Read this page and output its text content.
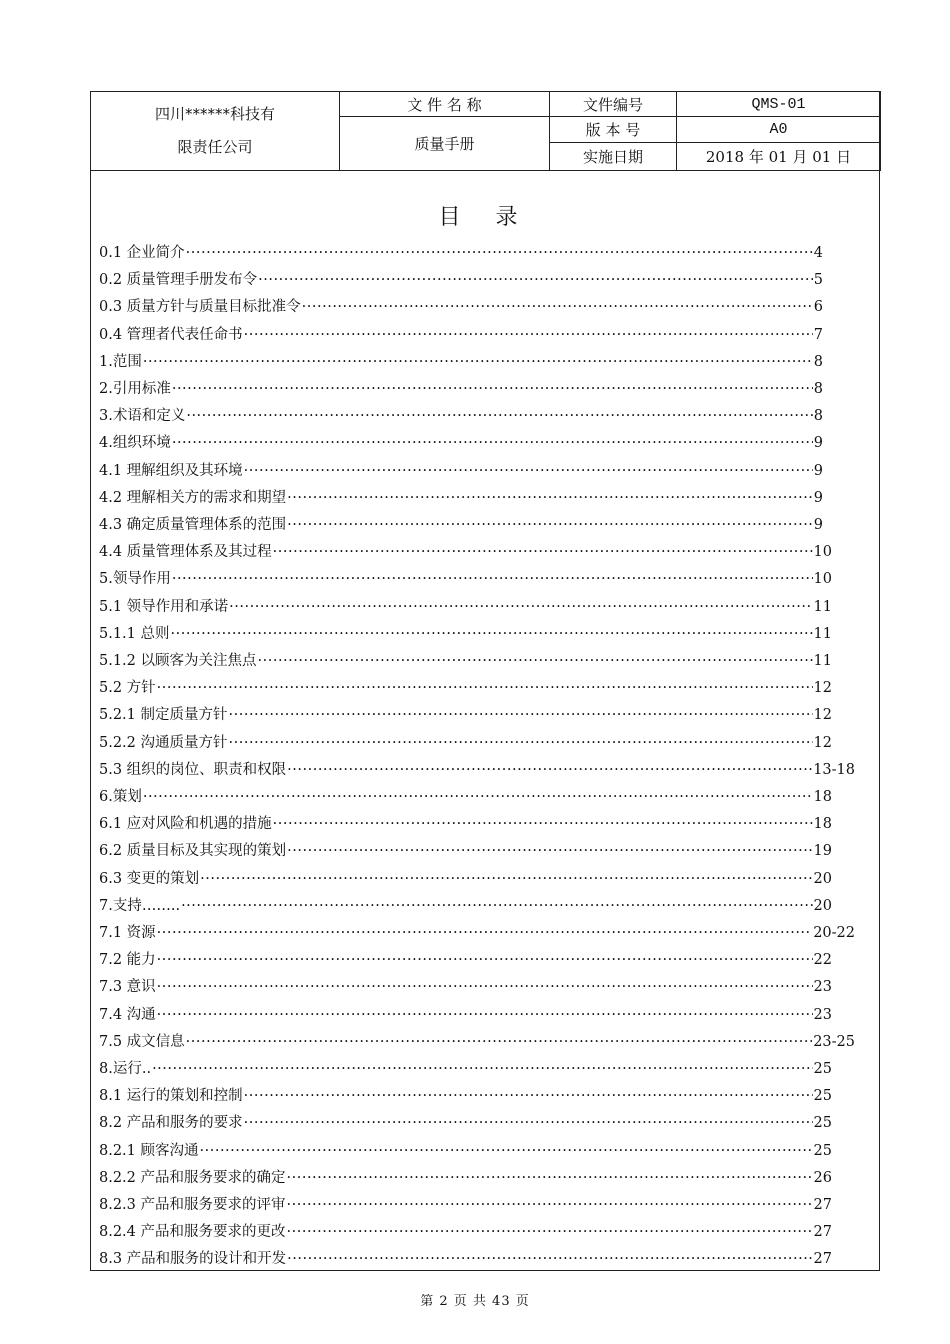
四川******科技有
限责任公司	文 件 名 称	文件编号	QMS-01
	质量手册	版 本 号	A0
		实施日期	2018 年 01 月 01 日
目 录
0.1 企业简介 ·····	4
0.2 质量管理手册发布令 ·····	5
0.3 质量方针与质量目标批准令 ·····	6
0.4 管理者代表任命书 ·····	7
1.范围 ·····	8
2.引用标准 ·····	8
3.术语和定义 ·····	8
4.组织环境 ·····	9
4.1 理解组织及其环境 ·····	9
4.2 理解相关方的需求和期望 ·····	9
4.3 确定质量管理体系的范围 ·····	9
4.4 质量管理体系及其过程 ·····	10
5.领导作用 ·····	10
5.1 领导作用和承诺 ·····	11
5.1.1 总则 ·····	11
5.1.2 以顾客为关注焦点 ·····	11
5.2 方针 ·····	12
5.2.1 制定质量方针 ·····	12
5.2.2 沟通质量方针 ·····	12
5.3 组织的岗位、职责和权限 ·····	13-18
6.策划 ·····	18
6.1 应对风险和机遇的措施 ·····	18
6.2 质量目标及其实现的策划 ·····	19
6.3 变更的策划 ·····	20
7.支持…….. ·····	20
7.1 资源 ·····	20-22
7.2 能力 ·····	22
7.3 意识 ·····	23
7.4 沟通 ·····	23
7.5 成文信息 ·····	23-25
8.运行.. ·····	25
8.1 运行的策划和控制 ·····	25
8.2 产品和服务的要求 ·····	25
8.2.1 顾客沟通 ·····	25
8.2.2 产品和服务要求的确定 ·····	26
8.2.3 产品和服务要求的评审 ·····	27
8.2.4 产品和服务要求的更改 ·····	27
8.3 产品和服务的设计和开发 ·····	27
第 2 页 共 43 页
